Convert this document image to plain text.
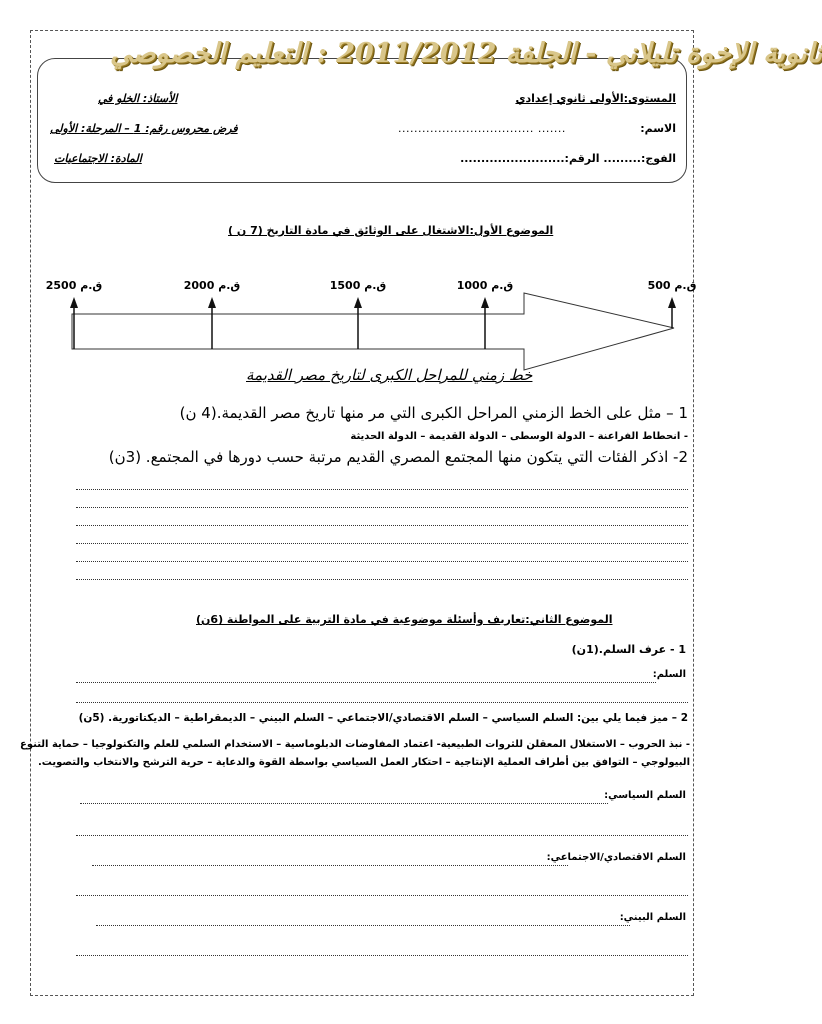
ثانوية الإخوة تليلاني - الجلفة 2011/2012 : التعليم الخصوصي
المستوى:الأولى ثانوي إعدادي
الأستاذ: الخلو في
الاسم:
.................................. .......
فرض محروس رقم: 1 – المرحلة: الأولى
الفوج:......... الرقم:.........................
المادة: الاجتماعيات
الموضوع الأول:الاشتغال على الوثائق في مادة التاريخ (7 ن )
2500 ق.م	2000 ق.م	1500 ق.م	1000 ق.م	500 ق.م
خط زمني للمراحل الكبرى لتاريخ مصر القديمة
1 – مثل على الخط الزمني المراحل الكبرى التي مر منها تاريخ مصر القديمة.(4 ن)
- انحطاط الفراعنة – الدولة الوسطى – الدولة القديمة – الدولة الحديثة
2- اذكر الفئات التي يتكون منها المجتمع المصري القديم مرتبة حسب دورها في المجتمع. (3ن)
الموضوع الثاني:تعاريف وأسئلة موضوعية في مادة التربية على المواطنة (6ن)
1 - عرف السلم.(1ن)
السلم:
2 – ميز فيما يلي بين: السلم السياسي – السلم الاقتصادي/الاجتماعي – السلم البيني – الديمقراطية – الديكتاتورية. (5ن)
- نبذ الحروب – الاستغلال المعقلن للثروات الطبيعية- اعتماد المفاوضات الدبلوماسية – الاستخدام السلمي للعلم والتكنولوجيا – حماية التنوع
البيولوجي – التوافق بين أطراف العملية الإنتاجية – احتكار العمل السياسي بواسطة القوة والدعاية – حرية الترشح والانتخاب والتصويت.
السلم السياسي:
السلم الاقتصادي/الاجتماعي:
السلم البيني:
